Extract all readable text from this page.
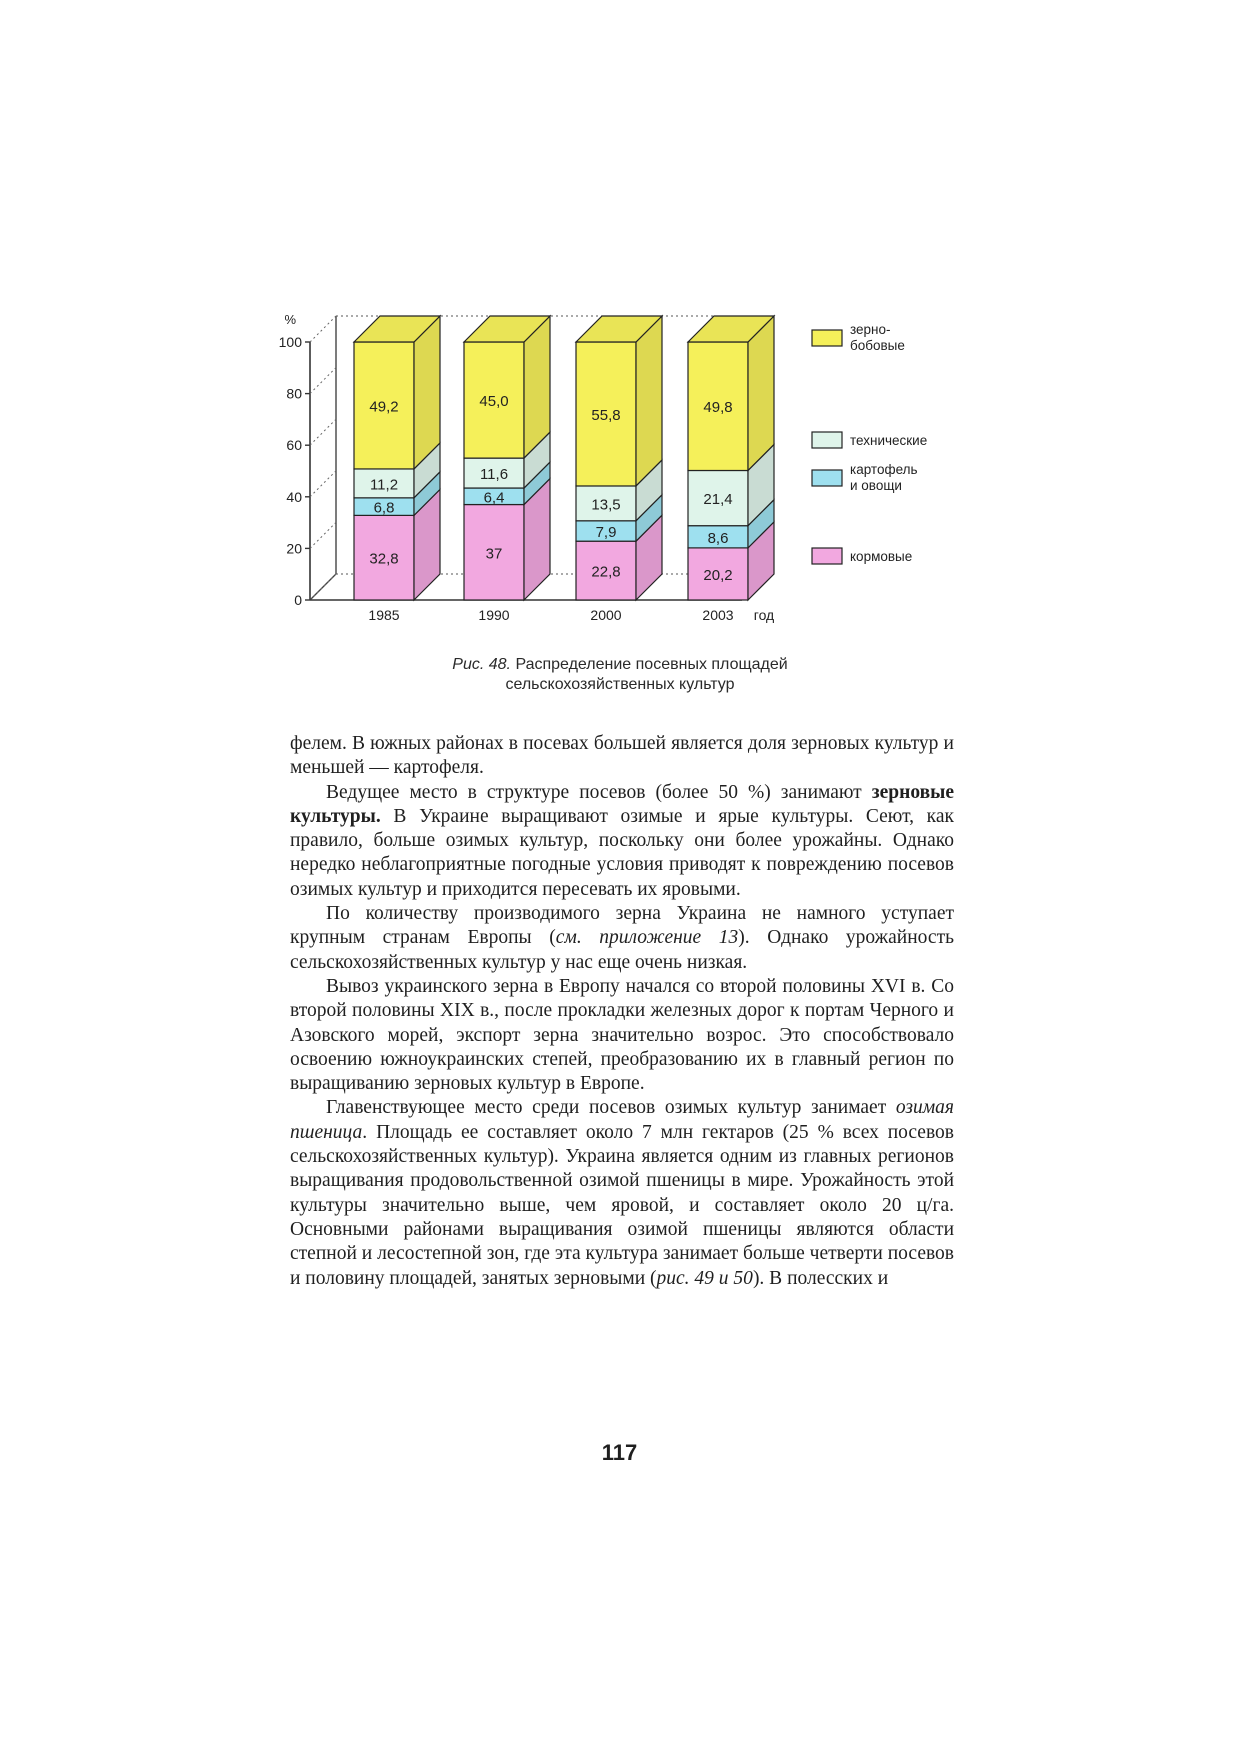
0
20
40
60
80
100
%
год
32,8
6,8
11,2
49,2
1985
37
6,4
11,6
45,0
1990
22,8
7,9
13,5
55,8
2000
20,2
8,6
21,4
49,8
2003
зерно-
бобовые
технические
картофель
и овощи
кормовые
Рис. 48. Распределение посевных площадей
сельскохозяйственных культур

фелем. В южных районах в посевах большей является доля зерновых культур и меньшей — картофеля.

Ведущее место в структуре посевов (более 50 %) занимают зерновые культуры. В Украине выращивают озимые и ярые культуры. Сеют, как правило, больше озимых культур, поскольку они более урожайны. Однако нередко неблагоприятные погодные условия приводят к повреждению посевов озимых культур и приходится пересевать их яровыми.

По количеству производимого зерна Украина не намного уступает крупным странам Европы (см. приложение 13). Однако урожайность сельскохозяйственных культур у нас еще очень низкая.

Вывоз украинского зерна в Европу начался со второй половины XVI в. Со второй половины XIX в., после прокладки железных дорог к портам Черного и Азовского морей, экспорт зерна значительно возрос. Это способствовало освоению южноукраинских степей, преобразованию их в главный регион по выращиванию зерновых культур в Европе.

Главенствующее место среди посевов озимых культур занимает озимая пшеница. Площадь ее составляет около 7 млн гектаров (25 % всех посевов сельскохозяйственных культур). Украина является одним из главных регионов выращивания продовольственной озимой пшеницы в мире. Урожайность этой культуры значительно выше, чем яровой, и составляет около 20 ц/га. Основными районами выращивания озимой пшеницы являются области степной и лесостепной зон, где эта культура занимает больше четверти посевов и половину площадей, занятых зерновыми (рис. 49 и 50). В полесских и

117
